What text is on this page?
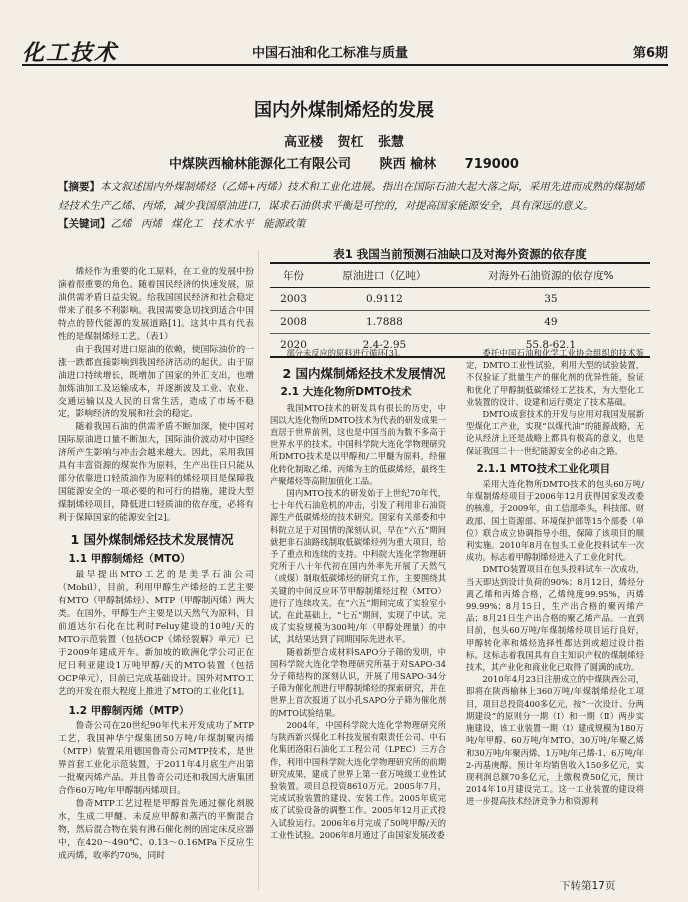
化工技术	中国石油和化工标准与质量	第6期
国内外煤制烯烃的发展
高亚楼 贺杠 张慧
中煤陕西榆林能源化工有限公司 陕西 榆林 719000
【摘要】本文叙述国内外煤制烯烃（乙烯+丙烯）技术和工业化进展。指出在国际石油大起大落之际，采用先进而成熟的煤制烯烃技术生产乙烯、丙烯，减少我国原油进口，谋求石油供求平衡是可控的，对提高国家能源安全，具有深远的意义。
【关键词】乙烯 丙烯 煤化工 技术水平 能源政策

烯烃作为重要的化工原料，在工业的发展中扮演着很重要的角色。随着国民经济的快速发展，原油供需矛盾日益尖锐。给我国国民经济和社会稳定带来了很多不利影响。我国需要急切找到适合中国特点的替代能源的发展道路[1]。这其中具有代表性的是煤制烯烃工艺。（表1）

由于我国对进口原油的依赖，使国际油价的一涨一跌都直接影响到我国经济活动的起伏。由于原油进口持续增长，既增加了国家的外汇支出，也增加炼油加工及运输成本，并逐渐波及工业、农业、交通运输以及人民的日常生活，造成了市场不稳定，影响经济的发展和社会的稳定。

随着我国石油的供需矛盾不断加深，使中国对国际原油进口量不断加大，国际油价波动对中国经济所产生影响与冲击会越来越大。因此，采用我国具有丰富资源的煤炭作为原料，生产出往日只能从部分依靠进口轻质油作为原料的烯烃项目是保障我国能源安全的一项必要的和可行的措施，建设大型煤制烯烃项目，降低进口轻质油的依存度，必将有利于保障国家的能源安全[2]。

1 国外煤制烯烃技术发展情况
1.1 甲醇制烯烃（MTO）

最早提出MTO工艺的是美孚石油公司（Mobil），目前，利用甲醇生产烯烃的工艺主要有MTO（甲醇制烯烃）、MTP（甲醇制丙烯）两大类。在国外，甲醇生产主要是以天然气为原料，目前道达尔石化在比利时Feluy建设的10吨/天的MTO示范装置（包括OCP《烯烃裂解》单元）已于2009年建成开车。新加坡的欧洲化学公司正在尼日利亚建设1万吨甲醇/天的MTO装置（包括OCP单元），目前已完成基础设计。国外对MTO工艺的开发在很大程度上推进了MTO的工业化[1]。

1.2 甲醇制丙烯（MTP）

鲁奇公司在20世纪90年代末开发成功了MTP工艺，我国神华宁煤集团50万吨/年煤制聚丙烯（MTP）装置采用德国鲁奇公司MTP技术，是世界首套工业化示范装置，于2011年4月底生产出第一批聚丙烯产品。并且鲁奇公司还和我国大唐集团合作60万吨/年甲醇制丙烯项目。

鲁奇MTP工艺过程是甲醇首先通过催化剂脱水，生成二甲醚、未反应甲醇和蒸汽的平衡混合物，然后混合物在装有沸石催化剂的固定床反应器中，在420～490℃、0.13～0.16MPa下反应生成丙烯，收率约70%，同时

表1 我国当前预测石油缺口及对海外资源的依存度
年份	原油进口（亿吨）	对海外石油资源的依存度%
2003	0.9112	35
2008	1.7888	49
2020	2.4-2.95	55.8-62.1

部分未反应的原料进行循环[3]。

2 国内煤制烯烃技术发展情况
2.1 大连化物所DMTO技术

我国MTO技术的研发具有很长的历史，中国以大连化物所DMTO技术为代表的研发成果一直居于世界前列，这也是中国当前为数不多高于世界水平的技术。中国科学院大连化学物理研究所DMTO技术是以甲醇和/二甲醚为原料，经催化转化制取乙烯、丙烯为主的低碳烯烃，最终生产聚烯烃等高附加值化工品。

国内MTO技术的研发始于上世纪70年代，七十年代石油危机的冲击，引发了利用非石油资源生产低碳烯烃的技术研究。国家有关部委和中科院立足于对国情的深刻认识，早在“六五”期间就把非石油路线制取低碳烯烃列为重大项目，给予了重点和连续的支持。中科院大连化学物理研究所于八十年代初在国内外率先开展了天然气（或煤）制取低碳烯烃的研究工作，主要围绕其关键的中间反应环节甲醇制烯烃过程（MTO）进行了连续攻关。在“六五”期间完成了实验室小试。在此基础上，“七五”期间，实现了中试。完成了实验规模为300吨/年（甲醇处理量）的中试，其结果达到了同期国际先进水平。

随着新型合成材料SAPO分子筛的发明，中国科学院大连化学物理研究所基于对SAPO-34分子筛结构的深刻认识，开展了用SAPO-34分子筛为催化剂进行甲醇制烯烃的探索研究，并在世界上首次报道了以小孔SAPO分子筛为催化剂的MTO试验结果。

2004年，中国科学院大连化学物理研究所与陕西新兴煤化工科技发展有限责任公司、中石化集团洛阳石油化工工程公司（LPEC）三方合作，利用中国科学院大连化学物理研究所的前期研究成果，建成了世界上第一套万吨级工业性试验装置。项目总投资8610万元。2005年7月，完成试验装置的建设、安装工作。2005年底完成了试验设备的调整工作。2005年12月正式投入试验运行。2006年6月完成了50吨甲醇/天的工业性试验。2006年8月通过了由国家发展改委

委托中国石油和化学工业协会组织的技术鉴定，DMTO工业性试验，利用大型的试验装置，不仅验证了批量生产的催化剂的优异性能，验证和优化了甲醇制低碳烯烃工艺技术，为大型化工业装置的设计、设建和运行奠定了技术基础。

DMTO成套技术的开发与应用对我国发展新型煤化工产业，实现“以煤代油”的能源战略，无论从经济上还是战略上都具有极高的意义，也是保证我国二十一世纪能源安全的必由之路。

2.1.1 MTO技术工业化项目

采用大连化物所DMTO技术的包头60万吨/年煤制烯烃项目于2006年12月获得国家发改委的核准，于2009年，由工信部牵头，科技部、财政部、国土资源部、环境保护部等15个部委（单位）联合成立协调指导小组，保障了该项目的顺利实施。2010年8月在包头工业化投料试车一次成功。标志着甲醇制烯烃进入了工业化时代。

DMTO装置项目在包头投料试车一次成功，当天即达到设计负荷的90%；8月12日，烯烃分离乙烯和丙烯合格，乙烯纯度99.95%，丙烯99.99%；8月15日，生产出合格的聚丙烯产品；8月21日生产出合格的聚乙烯产品。一直到目前，包头60万吨/年煤制烯烃项目运行良好，甲醇转化率和烯烃选择性都达到或超过设计指标。这标志着我国具有自主知识产权的煤制烯烃技术，其产业化和商业化已取得了圆满的成功。

2010年4月23日注册成立的中煤陕西公司，即将在陕西榆林上360万吨/年煤制烯烃化工项目，项目总投资400多亿元，按“一次设计、分两期建设”的原则分一期（Ⅰ）和一期（Ⅱ）两步实施建设，该工业装置一期（Ⅰ）建成规模为180万吨/年甲醇、60万吨/年MTO、30万吨/年聚乙烯和30万吨/年聚丙烯、1万吨/年己烯-1、6万吨/年2-丙基庚醇。预计年均销售收入150多亿元，实现利润总额70多亿元，上缴税费50亿元，预计2014年10月建设完工。这一工业装置的建设将进一步提高技术经济竞争力和资源利

下转第17页
